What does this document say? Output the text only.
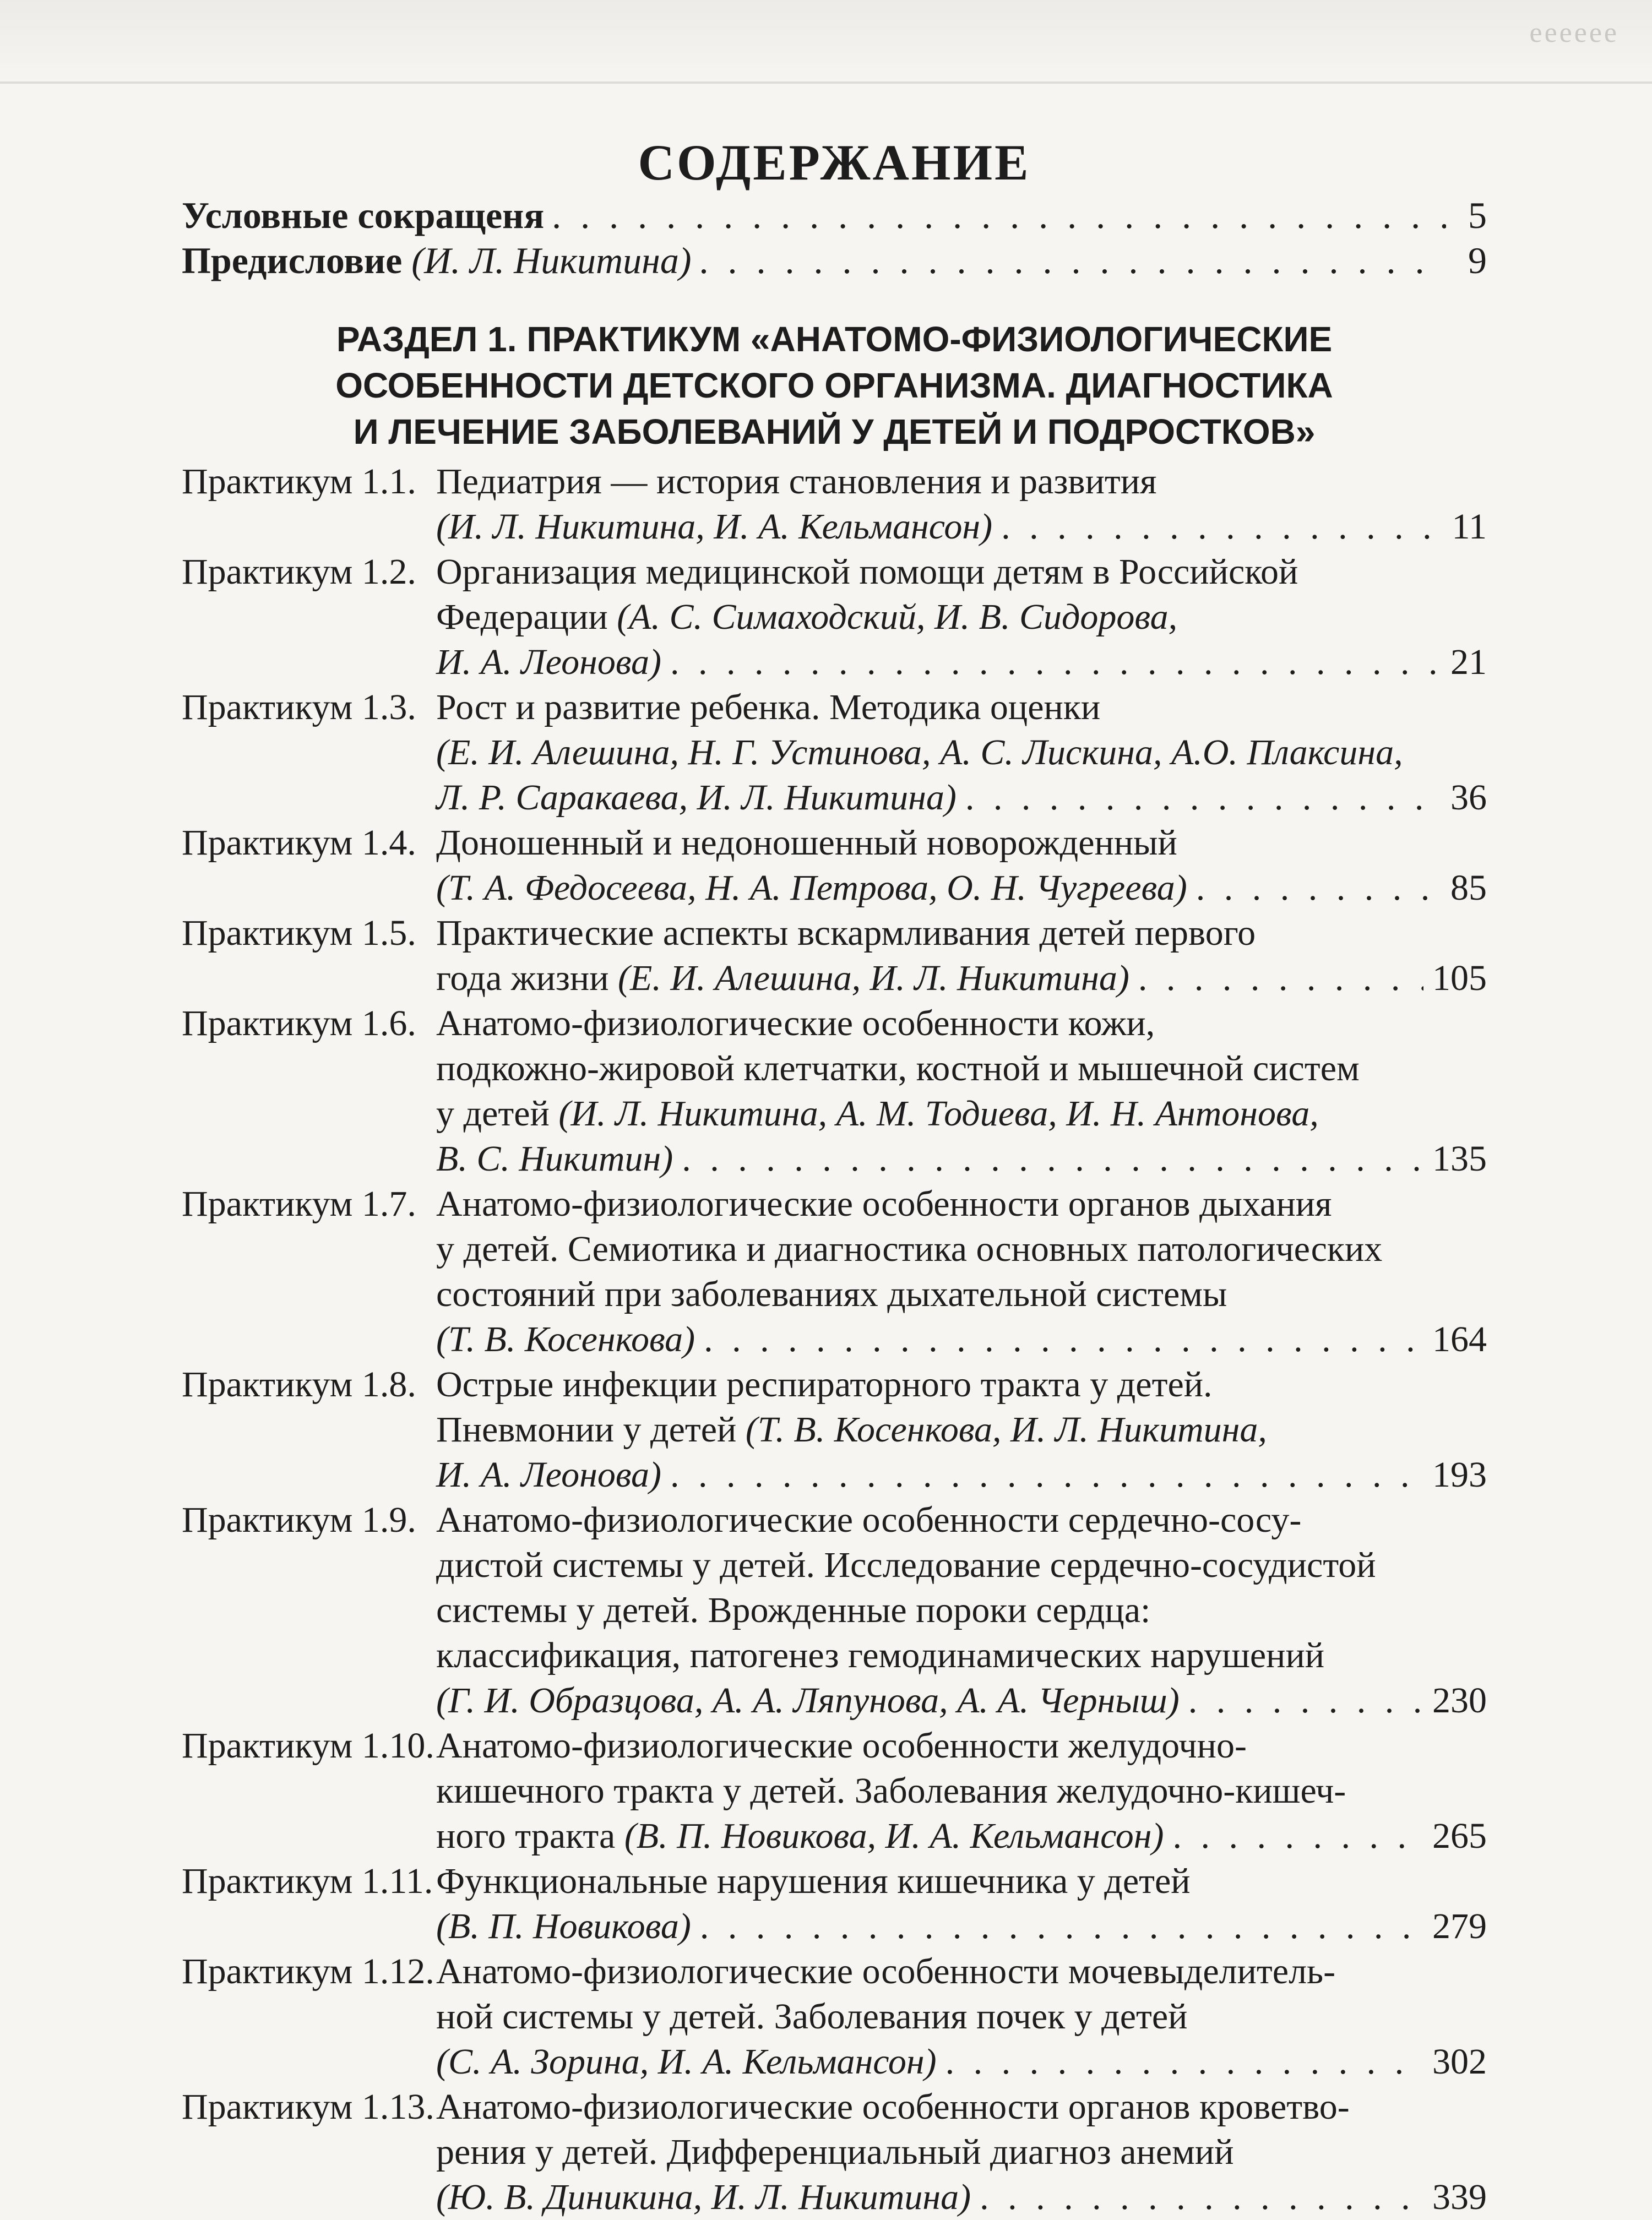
ееееее
СОДЕРЖАНИЕ
Условные сокращеня . . .	5
Предисловие
(И. Л. Никитина) . . .	9
РАЗДЕЛ 1. ПРАКТИКУМ «АНАТОМО-ФИЗИОЛОГИЧЕСКИЕ
ОСОБЕННОСТИ ДЕТСКОГО ОРГАНИЗМА. ДИАГНОСТИКА
И ЛЕЧЕНИЕ ЗАБОЛЕВАНИЙ У ДЕТЕЙ И ПОДРОСТКОВ»
Практикум 1.1. Педиатрия — история становления и развития
(И. Л. Никитина, И. А. Кельмансон) . . .	11
Практикум 1.2. Организация медицинской помощи детям в Российской
Федерации (А. С. Симаходский, И. В. Сидорова,
И. А. Леонова) . . .	21
Практикум 1.3. Рост и развитие ребенка. Методика оценки
(Е. И. Алешина, Н. Г. Устинова, А. С. Лискина, А.О. Плаксина,
Л. Р. Саракаева, И. Л. Никитина) . . .	36
Практикум 1.4. Доношенный и недоношенный новорожденный
(Т. А. Федосеева, Н. А. Петрова, О. Н. Чугреева) . . .	85
Практикум 1.5. Практические аспекты вскармливания детей первого
года жизни (Е. И. Алешина, И. Л. Никитина) . . .	105
Практикум 1.6. Анатомо-физиологические особенности кожи,
подкожно-жировой клетчатки, костной и мышечной систем
у детей (И. Л. Никитина, А. М. Тодиева, И. Н. Антонова,
В. С. Никитин) . . .	135
Практикум 1.7. Анатомо-физиологические особенности органов дыхания
у детей. Семиотика и диагностика основных патологических
состояний при заболеваниях дыхательной системы
(Т. В. Косенкова) . . .	164
Практикум 1.8. Острые инфекции респираторного тракта у детей.
Пневмонии у детей (Т. В. Косенкова, И. Л. Никитина,
И. А. Леонова) . . .	193
Практикум 1.9. Анатомо-физиологические особенности сердечно-сосу-
дистой системы у детей. Исследование сердечно-сосудистой
системы у детей. Врожденные пороки сердца:
классификация, патогенез гемодинамических нарушений
(Г. И. Образцова, А. А. Ляпунова, А. А. Черныш) . . .	230
Практикум 1.10. Анатомо-физиологические особенности желудочно-
кишечного тракта у детей. Заболевания желудочно-кишеч-
ного тракта (В. П. Новикова, И. А. Кельмансон) . . .	265
Практикум 1.11. Функциональные нарушения кишечника у детей
(В. П. Новикова) . . .	279
Практикум 1.12. Анатомо-физиологические особенности мочевыделитель-
ной системы у детей. Заболевания почек у детей
(С. А. Зорина, И. А. Кельмансон) . . .	302
Практикум 1.13. Анатомо-физиологические особенности органов кроветво-
рения у детей. Дифференциальный диагноз анемий
(Ю. В. Диникина, И. Л. Никитина) . . .	339
